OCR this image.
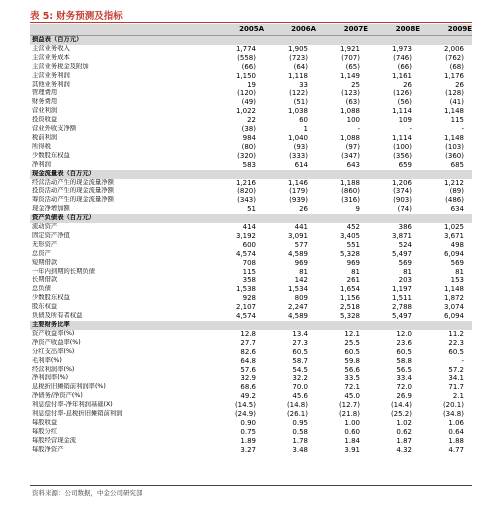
表 5: 财务预测及指标
	2005A	2006A	2007E	2008E	2009E
损益表（百万元）					
主营业务收入	1,774	1,905	1,921	1,973	2,006
主营业务成本	(558)	(723)	(707)	(746)	(762)
主营业务税金及附加	(66)	(64)	(65)	(66)	(68)
主营业务利润	1,150	1,118	1,149	1,161	1,176
其他业务利润	19	33	25	26	26
管理费用	(120)	(122)	(123)	(126)	(128)
财务费用	(49)	(51)	(63)	(56)	(41)
营业利润	1,022	1,038	1,088	1,114	1,148
投资收益	22	60	100	109	115
营业外收支净额	(38)	1	-	-	-
税前利润	984	1,040	1,088	1,114	1,148
所得税	(80)	(93)	(97)	(100)	(103)
少数股东权益	(320)	(333)	(347)	(356)	(360)
净利润	583	614	643	659	685
现金流量表（百万元）					
经营活动产生的现金流量净额	1,216	1,146	1,188	1,206	1,212
投资活动产生的现金流量净额	(820)	(179)	(860)	(374)	(89)
筹资活动产生的现金流量净额	(343)	(939)	(316)	(903)	(486)
现金净增加额	51	26	9	(74)	634
资产负债表（百万元）					
流动资产	414	441	452	386	1,025
固定资产净值	3,192	3,091	3,405	3,871	3,671
无形资产	600	577	551	524	498
总资产	4,574	4,589	5,328	5,497	6,094
短期借款	708	969	969	569	569
一年内到期的长期负债	115	81	81	81	81
长期借款	358	142	261	203	153
总负债	1,538	1,534	1,654	1,197	1,148
少数股东权益	928	809	1,156	1,511	1,872
股东权益	2,107	2,247	2,518	2,788	3,074
负债及所有者权益	4,574	4,589	5,328	5,497	6,094
主要财务比率					
资产收益率(%)	12.8	13.4	12.1	12.0	11.2
净资产收益率(%)	27.7	27.3	25.5	23.6	22.3
分红支出率(%)	82.6	60.5	60.5	60.5	60.5
毛利率(%)	64.8	58.7	59.8	58.8	-
经营利润率(%)	57.6	54.5	56.6	56.5	57.2
净利润率(%)	32.9	32.2	33.5	33.4	34.1
息税折旧摊销前利润率(%)	68.6	70.0	72.1	72.0	71.7
净债务/净资产(%)	49.2	45.6	45.0	26.9	2.1
利息偿付率-净年利润基础(X)	(14.5)	(14.8)	(12.7)	(14.4)	(20.1)
利息偿付率-息税折旧摊销前利润	(24.9)	(26.1)	(21.8)	(25.2)	(34.8)
每股收益	0.90	0.95	1.00	1.02	1.06
每股分红	0.75	0.58	0.60	0.62	0.64
每股经营现金流	1.89	1.78	1.84	1.87	1.88
每股净资产	3.27	3.48	3.91	4.32	4.77
资料来源：公司数据，中金公司研究部
